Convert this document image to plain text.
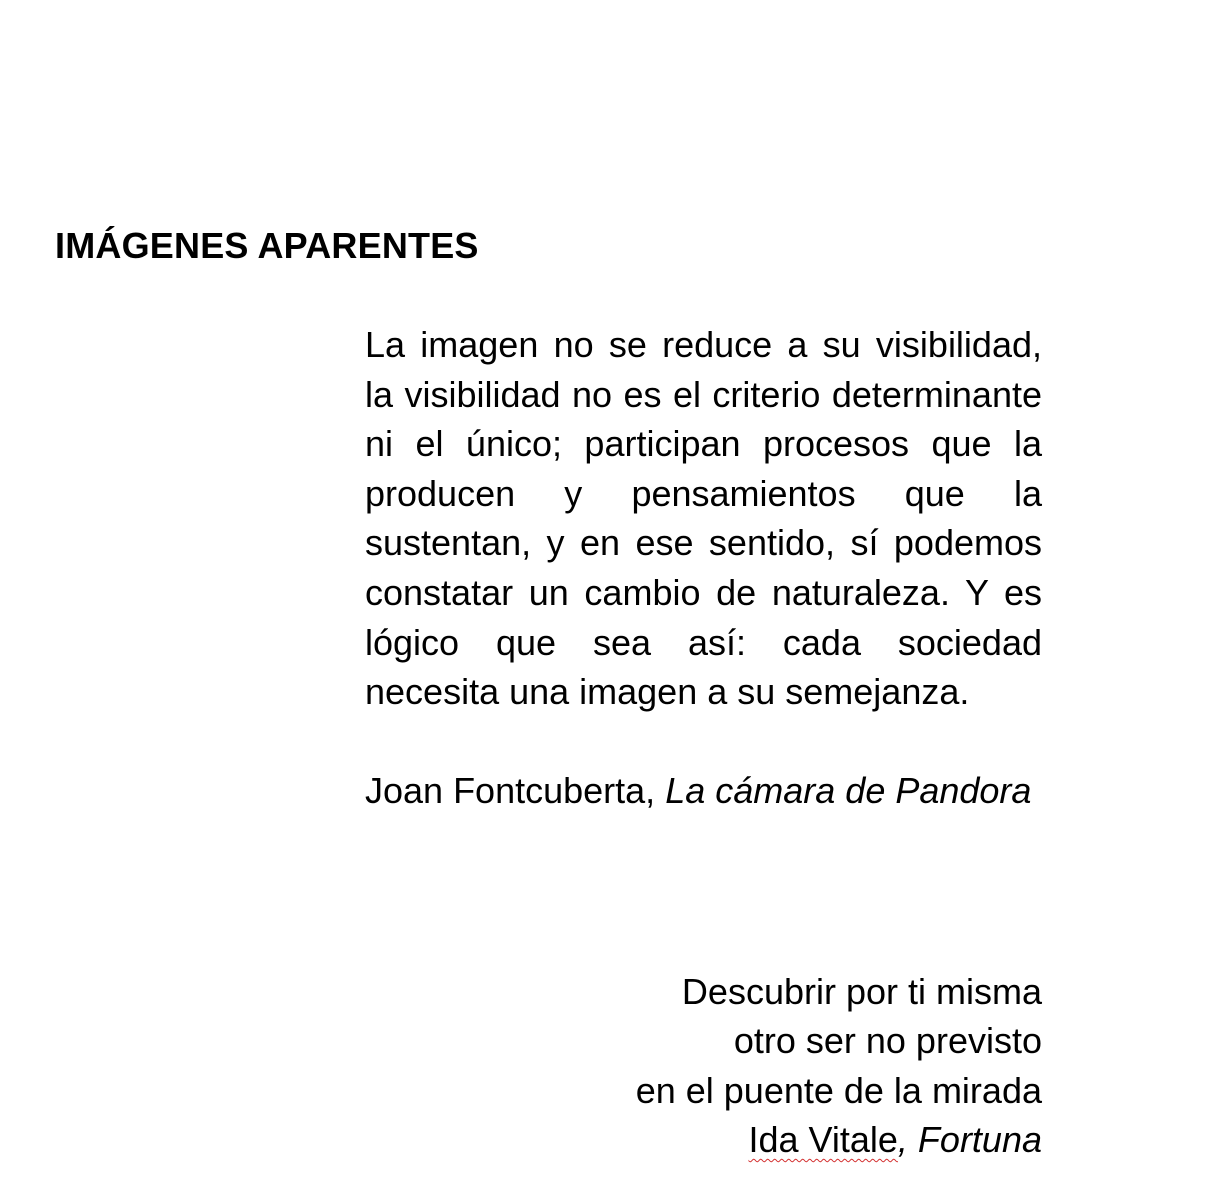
IMÁGENES APARENTES

La imagen no se reduce a su visibilidad, la visibilidad no es el criterio determinante ni el único; participan procesos que la producen y pensamientos que la sustentan, y en ese sentido, sí podemos constatar un cambio de naturaleza. Y es lógico que sea así: cada sociedad necesita una imagen a su semejanza.

Joan Fontcuberta, La cámara de Pandora

Descubrir por ti misma
otro ser no previsto
en el puente de la mirada
Ida Vitale, Fortuna
